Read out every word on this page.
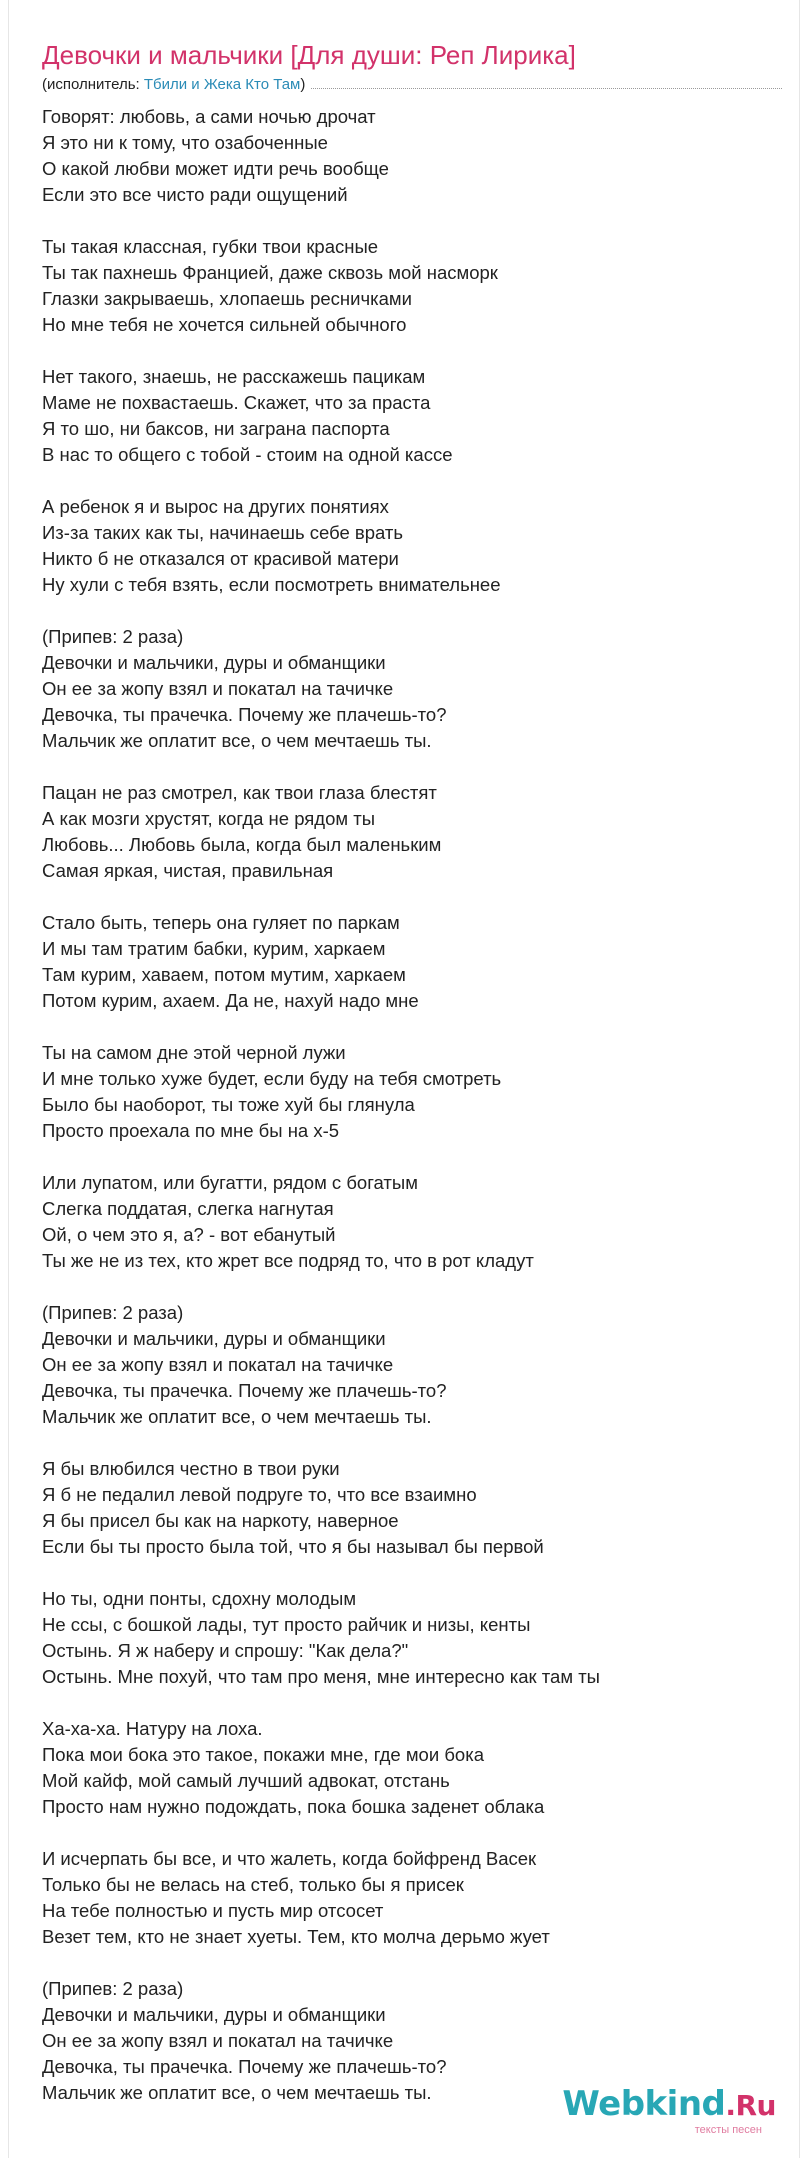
Девочки и мальчики [Для души: Реп Лирика]
(исполнитель: Тбили и Жека Кто Там)
Говорят: любовь, а сами ночью дрочат
Я это ни к тому, что озабоченные
О какой любви может идти речь вообще
Если это все чисто ради ощущений
Ты такая классная, губки твои красные
Ты так пахнешь Францией, даже сквозь мой насморк
Глазки закрываешь, хлопаешь ресничками
Но мне тебя не хочется сильней обычного
Нет такого, знаешь, не расскажешь пацикам
Маме не похвастаешь. Скажет, что за праста
Я то шо, ни баксов, ни заграна паспорта
В нас то общего с тобой - стоим на одной кассе
А ребенок я и вырос на других понятиях
Из-за таких как ты, начинаешь себе врать
Никто б не отказался от красивой матери
Ну хули с тебя взять, если посмотреть внимательнее
(Припев: 2 раза)
Девочки и мальчики, дуры и обманщики
Он ее за жопу взял и покатал на тачичке
Девочка, ты прачечка. Почему же плачешь-то?
Мальчик же оплатит все, о чем мечтаешь ты.
Пацан не раз смотрел, как твои глаза блестят
А как мозги хрустят, когда не рядом ты
Любовь... Любовь была, когда был маленьким
Самая яркая, чистая, правильная
Стало быть, теперь она гуляет по паркам
И мы там тратим бабки, курим, харкаем
Там курим, хаваем, потом мутим, харкаем
Потом курим, ахаем. Да не, нахуй надо мне
Ты на самом дне этой черной лужи
И мне только хуже будет, если буду на тебя смотреть
Было бы наоборот, ты тоже хуй бы глянула
Просто проехала по мне бы на х-5
Или лупатом, или бугатти, рядом с богатым
Слегка поддатая, слегка нагнутая
Ой, о чем это я, а? - вот ебанутый
Ты же не из тех, кто жрет все подряд то, что в рот кладут
(Припев: 2 раза)
Девочки и мальчики, дуры и обманщики
Он ее за жопу взял и покатал на тачичке
Девочка, ты прачечка. Почему же плачешь-то?
Мальчик же оплатит все, о чем мечтаешь ты.
Я бы влюбился честно в твои руки
Я б не педалил левой подруге то, что все взаимно
Я бы присел бы как на наркоту, наверное
Если бы ты просто была той, что я бы называл бы первой
Но ты, одни понты, сдохну молодым
Не ссы, с бошкой лады, тут просто райчик и низы, кенты
Остынь. Я ж наберу и спрошу: "Как дела?"
Остынь. Мне похуй, что там про меня, мне интересно как там ты
Ха-ха-ха. Натуру на лоха.
Пока мои бока это такое, покажи мне, где мои бока
Мой кайф, мой самый лучший адвокат, отстань
Просто нам нужно подождать, пока бошка заденет облака
И исчерпать бы все, и что жалеть, когда бойфренд Васек
Только бы не велась на стеб, только бы я присек
На тебе полностью и пусть мир отсосет
Везет тем, кто не знает хуеты. Тем, кто молча дерьмо жует
(Припев: 2 раза)
Девочки и мальчики, дуры и обманщики
Он ее за жопу взял и покатал на тачичке
Девочка, ты прачечка. Почему же плачешь-то?
Мальчик же оплатит все, о чем мечтаешь ты.	Webkind.Ru
тексты песен
